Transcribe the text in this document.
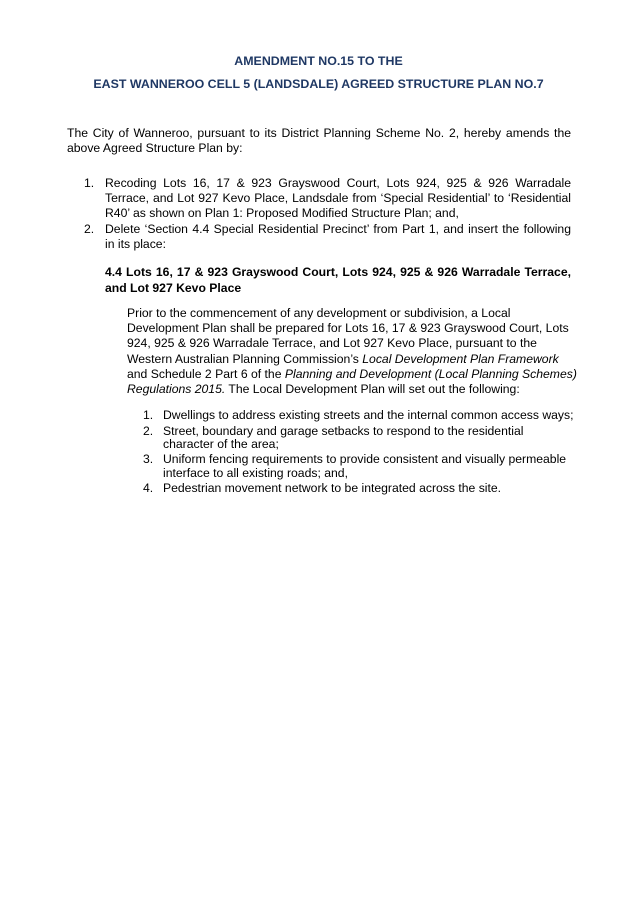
AMENDMENT NO.15 TO THE

EAST WANNEROO CELL 5 (LANDSDALE) AGREED STRUCTURE PLAN NO.7

The City of Wanneroo, pursuant to its District Planning Scheme No. 2, hereby amends the above Agreed Structure Plan by:

1. Recoding Lots 16, 17 & 923 Grayswood Court, Lots 924, 925 & 926 Warradale Terrace, and Lot 927 Kevo Place, Landsdale from ‘Special Residential’ to ‘Residential R40’ as shown on Plan 1: Proposed Modified Structure Plan; and,
2. Delete ‘Section 4.4 Special Residential Precinct’ from Part 1, and insert the following in its place:

4.4 Lots 16, 17 & 923 Grayswood Court, Lots 924, 925 & 926 Warradale Terrace, and Lot 927 Kevo Place

Prior to the commencement of any development or subdivision, a Local Development Plan shall be prepared for Lots 16, 17 & 923 Grayswood Court, Lots 924, 925 & 926 Warradale Terrace, and Lot 927 Kevo Place, pursuant to the Western Australian Planning Commission’s Local Development Plan Framework and Schedule 2 Part 6 of the Planning and Development (Local Planning Schemes) Regulations 2015. The Local Development Plan will set out the following:

1. Dwellings to address existing streets and the internal common access ways;
2. Street, boundary and garage setbacks to respond to the residential character of the area;
3. Uniform fencing requirements to provide consistent and visually permeable interface to all existing roads; and,
4. Pedestrian movement network to be integrated across the site.
